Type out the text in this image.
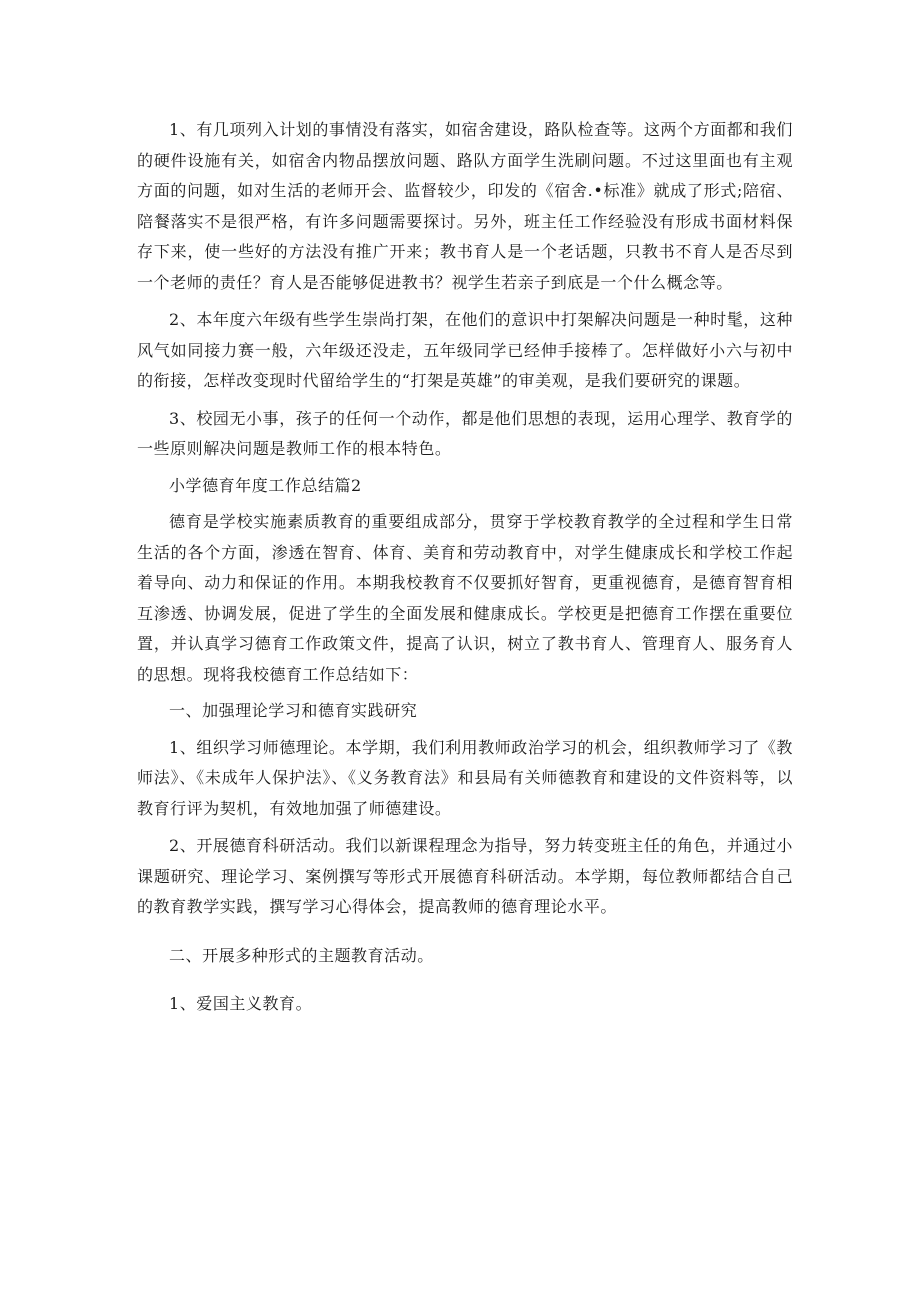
1、有几项列入计划的事情没有落实，如宿舍建设，路队检查等。这两个方面都和我们的硬件设施有关，如宿舍内物品摆放问题、路队方面学生洗刷问题。不过这里面也有主观方面的问题，如对生活的老师开会、监督较少，印发的《宿舍.•标准》就成了形式;陪宿、陪餐落实不是很严格，有许多问题需要探讨。另外，班主任工作经验没有形成书面材料保存下来，使一些好的方法没有推广开来；教书育人是一个老话题，只教书不育人是否尽到一个老师的责任？育人是否能够促进教书？视学生若亲子到底是一个什么概念等。

2、本年度六年级有些学生崇尚打架，在他们的意识中打架解决问题是一种时髦，这种风气如同接力赛一般，六年级还没走，五年级同学已经伸手接棒了。怎样做好小六与初中的衔接，怎样改变现时代留给学生的“打架是英雄”的审美观，是我们要研究的课题。

3、校园无小事，孩子的任何一个动作，都是他们思想的表现，运用心理学、教育学的一些原则解决问题是教师工作的根本特色。

小学德育年度工作总结篇2

德育是学校实施素质教育的重要组成部分，贯穿于学校教育教学的全过程和学生日常生活的各个方面，渗透在智育、体育、美育和劳动教育中，对学生健康成长和学校工作起着导向、动力和保证的作用。本期我校教育不仅要抓好智育，更重视德育，是德育智育相互渗透、协调发展，促进了学生的全面发展和健康成长。学校更是把德育工作摆在重要位置，并认真学习德育工作政策文件，提高了认识，树立了教书育人、管理育人、服务育人的思想。现将我校德育工作总结如下：

一、加强理论学习和德育实践研究

1、组织学习师德理论。本学期，我们利用教师政治学习的机会，组织教师学习了《教师法》、《未成年人保护法》、《义务教育法》和县局有关师德教育和建设的文件资料等，以教育行评为契机，有效地加强了师德建设。

2、开展德育科研活动。我们以新课程理念为指导，努力转变班主任的角色，并通过小课题研究、理论学习、案例撰写等形式开展德育科研活动。本学期，每位教师都结合自己的教育教学实践，撰写学习心得体会，提高教师的德育理论水平。

二、开展多种形式的主题教育活动。

1、爱国主义教育。
